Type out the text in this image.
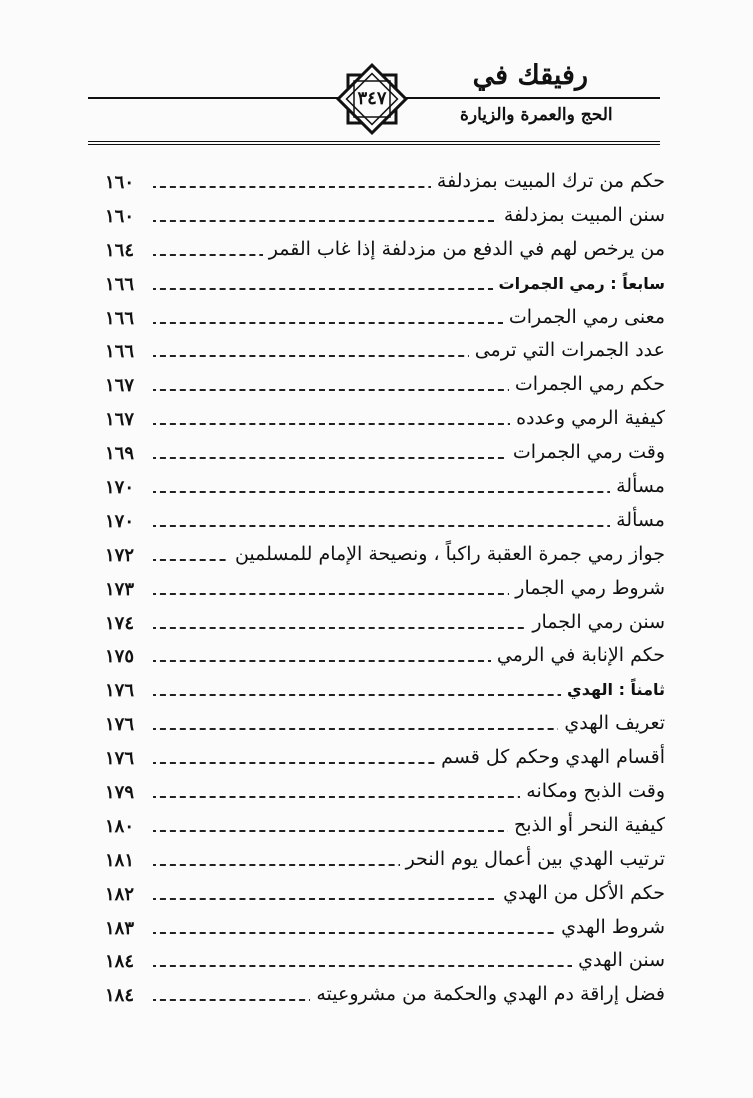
رفيقك في
الحج والعمرة والزيارة
٣٤٧
حكم من ترك المبيت بمزدلفة
١٦٠
سنن المبيت بمزدلفة
١٦٠
من يرخص لهم في الدفع من مزدلفة إذا غاب القمر
١٦٤
سابعاً : رمي الجمرات
١٦٦
معنى رمي الجمرات
١٦٦
عدد الجمرات التي ترمى
١٦٦
حكم رمي الجمرات
١٦٧
كيفية الرمي وعدده
١٦٧
وقت رمي الجمرات
١٦٩
مسألة
١٧٠
مسألة
١٧٠
جواز رمي جمرة العقبة راكباً ، ونصيحة الإمام للمسلمين
١٧٢
شروط رمي الجمار
١٧٣
سنن رمي الجمار
١٧٤
حكم الإنابة في الرمي
١٧٥
ثامناً : الهدي
١٧٦
تعريف الهدي
١٧٦
أقسام الهدي وحكم كل قسم
١٧٦
وقت الذبح ومكانه
١٧٩
كيفية النحر أو الذبح
١٨٠
ترتيب الهدي بين أعمال يوم النحر
١٨١
حكم الأكل من الهدي
١٨٢
شروط الهدي
١٨٣
سنن الهدي
١٨٤
فضل إراقة دم الهدي والحكمة من مشروعيته
١٨٤
